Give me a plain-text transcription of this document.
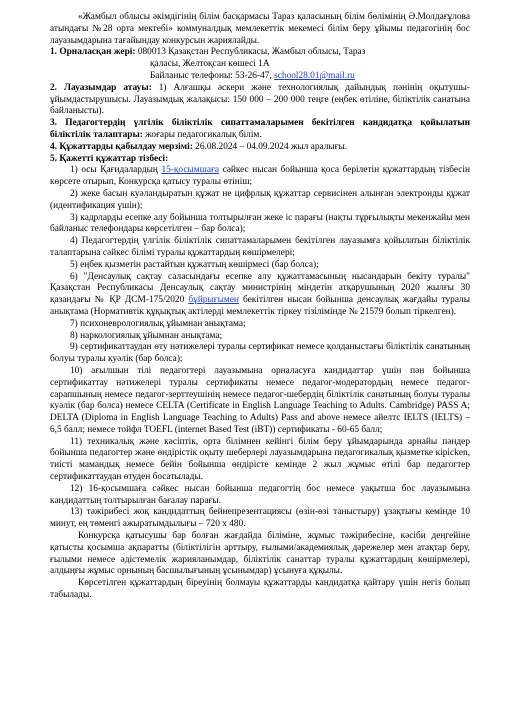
«Жамбыл облысы әкімдігінің білім басқармасы Тараз қаласының білім бөлімінің Ә.Молдағұлова атындағы №28 орта мектебі» коммуналдық мемлекеттік мекемесі білім беру ұйымы педагогінің бос лауазымдарына тағайындау конкурсын жариялайды.

1. Орналасқан жері: 080013 Қазақстан Республикасы, Жамбыл облысы, Тараз

қаласы, Желтоқсан көшесі 1А

Байланыс телефоны: 53-26-47, school28.01@mail.ru

2. Лауазымдар атауы: 1) Алғашқы әскери және технологиялық дайындық пәнінің оқытушы-ұйымдастырушысы. Лауазымдық жалақысы: 150 000 – 200 000 теңге (еңбек өтіліне, біліктілік санатына байланысты).

3. Педагогтердің үлгілік біліктілік сипаттамаларымен бекітілген кандидатқа қойылатын біліктілік талаптары: жоғары педагогикалық білім.

4. Құжаттарды қабылдау мерзімі: 26.08.2024 – 04.09.2024 жыл аралығы.

5. Қажетті құжаттар тізбесі:

1) осы Қағидалардың 15-қосымшаға сәйкес нысан бойынша қоса берілетін құжаттардың тізбесін көрсете отырып, Конкурсқа қатысу туралы өтініш;

2) жеке басын куәландыратын құжат не цифрлық құжаттар сервисінен алынған электронды құжат (идентификация үшін);

3) кадрларды есепке алу бойынша толтырылған жеке іс парағы (нақты тұрғылықты мекенжайы мен байланыс телефондары көрсетілген – бар болса);

4) Педагогтердің үлгілік біліктілік сипаттамаларымен бекітілген лауазымға қойылатын біліктілік талаптарына сәйкес білімі туралы құжаттардың көшірмелері;

5) еңбек қызметін растайтын құжаттың көшірмесі (бар болса);

6) "Денсаулық сақтау саласындағы есепке алу құжаттамасының нысандарын бекіту туралы" Қазақстан Республикасы Денсаулық сақтау министрінің міндетін атқарушының 2020 жылғы 30 қазандағы № ҚР ДСМ-175/2020 бұйрығымен бекітілген нысан бойынша денсаулық жағдайы туралы анықтама (Нормативтік құқықтық актілерді мемлекеттік тіркеу тізілімінде № 21579 болып тіркелген).

7) психоневрологиялық ұйымнан анықтама;

8) наркологиялық ұйымнан анықтама;

9) сертификаттаудан өту нәтижелері туралы сертификат немесе қолданыстағы біліктілік санатының болуы туралы куәлік (бар болса);

10) ағылшын тілі педагогтері лауазымына орналасуға кандидаттар үшін пән бойынша сертификаттау нәтижелері туралы сертификаты немесе педагог-модератордың немесе педагог-сарапшының немесе педагог-зерттеушінің немесе педагог-шебердің біліктілік санатының болуы туралы куәлік (бар болса) немесе CELTA (Certificate in English Language Teaching to Adults. Cambridge) PASS A; DELTA (Diploma in English Language Teaching to Adults) Pass and above немесе айелтс IELTS (IELTS) – 6,5 балл; немесе тойфл TOEFL (internet Based Test (iBT)) сертификаты - 60-65 балл;

11) техникалық және кәсіптік, орта білімнен кейінгі білім беру ұйымдарында арнайы пәндер бойынша педагогтер және өндірістік оқыту шеберлері лауазымдарына педагогикалық қызметке кірісken, тиісті мамандық немесе бейін бойынша өндірісте кемінде 2 жыл жұмыс өтілі бар педагогтер сертификаттаудан өтуден босатылады.

12) 16-қосымшаға сәйкес нысан бойынша педагогтің бос немесе уақытша бос лауазымына кандидаттың толтырылған бағалау парағы.

13) тәжірибесі жоқ кандидаттың бейнепрезентациясы (өзін-өзі таныстыру) ұзақтығы кемінде 10 минут, ең төменгі ажыратымдылығы – 720 х 480.

Конкурсқа қатысушы бар болған жағдайда біліміне, жұмыс тәжірибесіне, кәсіби деңгейіне қатысты қосымша ақпаратты (біліктілігін арттыру, ғылыми/академиялық дәрежелер мен атақтар беру, ғылыми немесе әдістемелік жарияланымдар, біліктілік санаттар туралы құжаттардың көшірмелері, алдыңғы жұмыс орнының басшылығының ұсынымдар) ұсынуға құқылы.

Көрсетілген құжаттардың біреуінің болмауы құжаттарды кандидатқа қайтару үшін негіз болып табылады.
